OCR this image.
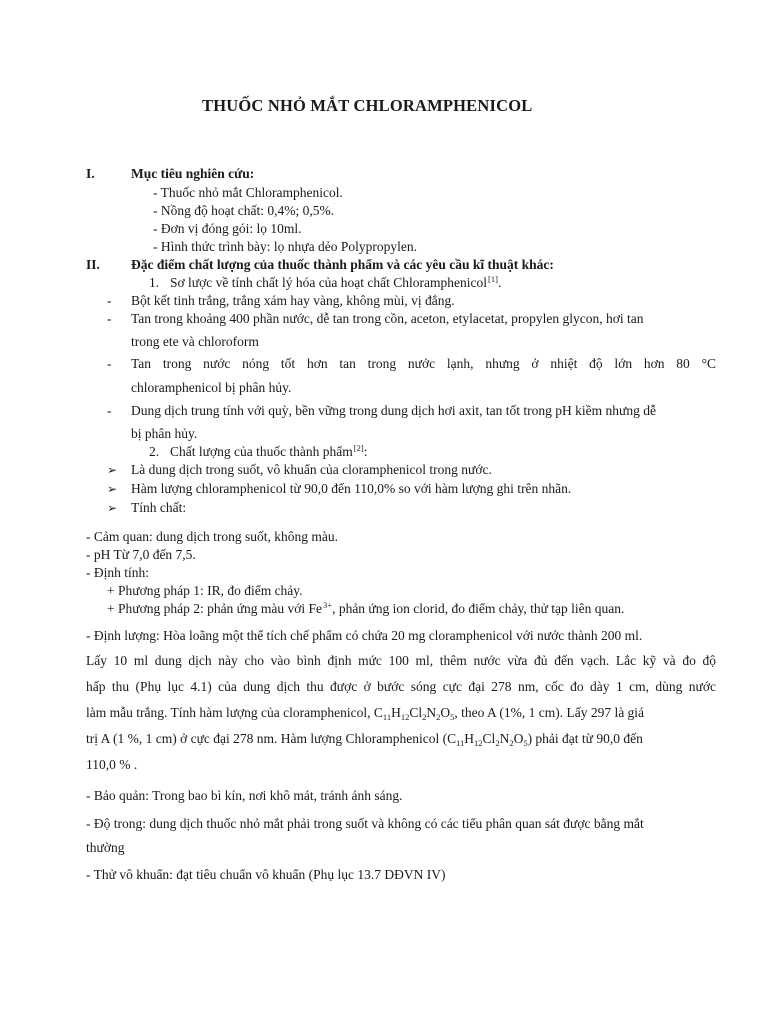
THUỐC NHỎ MẮT CHLORAMPHENICOL
I.	Mục tiêu nghiên cứu:
- Thuốc nhỏ mắt Chloramphenicol.
- Nồng độ hoạt chất: 0,4%; 0,5%.
- Đơn vị đóng gói: lọ 10ml.
- Hình thức trình bày: lọ nhựa dẻo Polypropylen.
II. Đặc điểm chất lượng của thuốc thành phẩm và các yêu cầu kĩ thuật khác:
1. Sơ lược về tính chất lý hóa của hoạt chất Chloramphenicol[1].
- Bột kết tinh trắng, trắng xám hay vàng, không mùi, vị đắng.
- Tan trong khoảng 400 phần nước, dễ tan trong cồn, aceton, etylacetat, propylen glycon, hơi tan
trong ete và chloroform
- Tan trong nước nóng tốt hơn tan trong nước lạnh, nhưng ở nhiệt độ lớn hơn 80 °C
chloramphenicol bị phân hủy.
- Dung dịch trung tính với quỳ, bền vững trong dung dịch hơi axit, tan tốt trong pH kiềm nhưng dễ
bị phân hủy.
2. Chất lượng của thuốc thành phẩm[2]:
➢ Là dung dịch trong suốt, vô khuẩn của cloramphenicol trong nước.
➢ Hàm lượng chloramphenicol từ 90,0 đến 110,0% so với hàm lượng ghi trên nhãn.
➢ Tính chất:
- Cảm quan: dung dịch trong suốt, không màu.
- pH Từ 7,0 đến 7,5.
- Định tính:
+ Phương pháp 1: IR, đo điểm chảy.
+ Phương pháp 2: phản ứng màu với $Fe^{3+}$, phản ứng ion clorid, đo điểm chảy, thử tạp liên quan.
- Định lượng: Hòa loãng một thể tích chế phẩm có chứa 20 mg cloramphenicol với nước thành 200 ml.
Lấy 10 ml dung dịch này cho vào bình định mức 100 ml, thêm nước vừa đủ đến vạch. Lắc kỹ và đo độ
hấp thu (Phụ lục 4.1) của dung dịch thu được ở bước sóng cực đại 278 nm, cốc đo dày 1 cm, dùng nước
làm mẫu trắng. Tính hàm lượng của cloramphenicol, $C_{11}H_{12}Cl_2N_2O_5$, theo A (1%, 1 cm). Lấy 297 là giá
trị A (1 %, 1 cm) ở cực đại 278 nm. Hàm lượng Chloramphenicol $(C_{11}H_{12}Cl_2N_2O_5)$ phải đạt từ 90,0 đến
110,0 % .
- Bảo quản: Trong bao bì kín, nơi khô mát, tránh ánh sáng.
- Độ trong: dung dịch thuốc nhỏ mắt phải trong suốt và không có các tiểu phân quan sát được bằng mắt
thường
- Thử vô khuẩn: đạt tiêu chuẩn vô khuẩn (Phụ lục 13.7 DĐVN IV)
